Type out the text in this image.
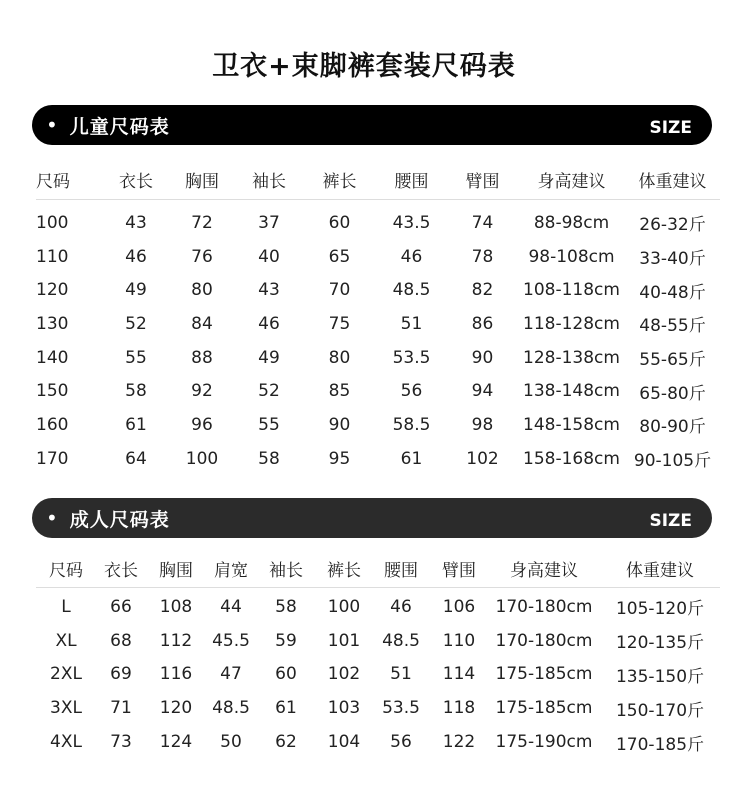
卫衣+束脚裤套装尺码表
• 儿童尺码表	SIZE
尺码	衣长	胸围	袖长	裤长	腰围	臂围	身高建议	体重建议
100	43	72	37	60	43.5	74	88-98cm	26-32斤
110	46	76	40	65	46	78	98-108cm	33-40斤
120	49	80	43	70	48.5	82	108-118cm	40-48斤
130	52	84	46	75	51	86	118-128cm	48-55斤
140	55	88	49	80	53.5	90	128-138cm	55-65斤
150	58	92	52	85	56	94	138-148cm	65-80斤
160	61	96	55	90	58.5	98	148-158cm	80-90斤
170	64	100	58	95	61	102	158-168cm	90-105斤
• 成人尺码表	SIZE
尺码	衣长	胸围	肩宽	袖长	裤长	腰围	臂围	身高建议	体重建议
L	66	108	44	58	100	46	106	170-180cm	105-120斤
XL	68	112	45.5	59	101	48.5	110	170-180cm	120-135斤
2XL	69	116	47	60	102	51	114	175-185cm	135-150斤
3XL	71	120	48.5	61	103	53.5	118	175-185cm	150-170斤
4XL	73	124	50	62	104	56	122	175-190cm	170-185斤
